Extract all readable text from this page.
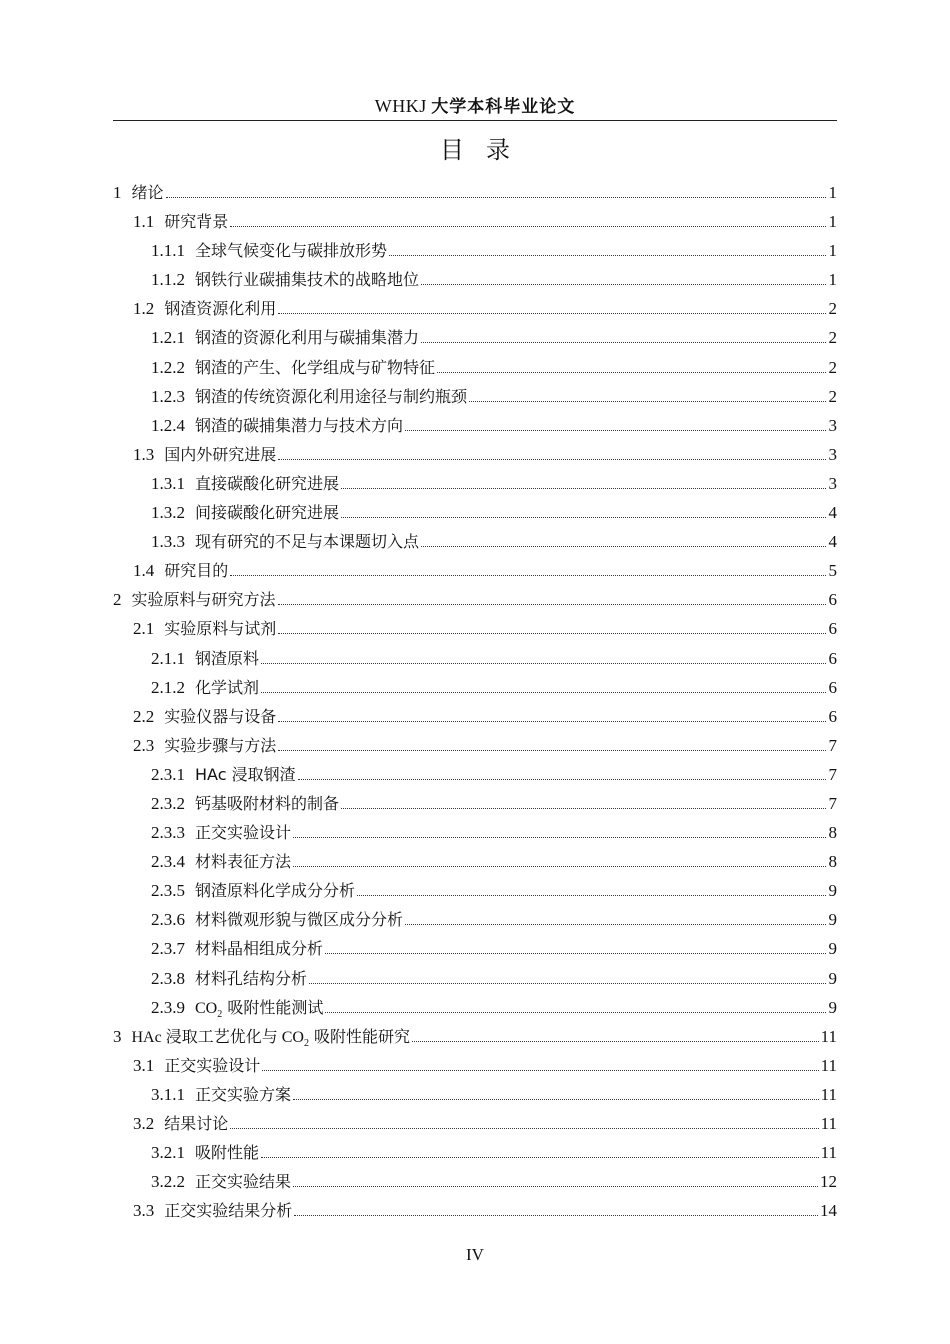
WHKJ 大学本科毕业论文
目录
1 绪论	1
1.1 研究背景	1
1.1.1 全球气候变化与碳排放形势	1
1.1.2 钢铁行业碳捕集技术的战略地位	1
1.2 钢渣资源化利用	2
1.2.1 钢渣的资源化利用与碳捕集潜力	2
1.2.2 钢渣的产生、化学组成与矿物特征	2
1.2.3 钢渣的传统资源化利用途径与制约瓶颈	2
1.2.4 钢渣的碳捕集潜力与技术方向	3
1.3 国内外研究进展	3
1.3.1 直接碳酸化研究进展	3
1.3.2 间接碳酸化研究进展	4
1.3.3 现有研究的不足与本课题切入点	4
1.4 研究目的	5
2 实验原料与研究方法	6
2.1 实验原料与试剂	6
2.1.1 钢渣原料	6
2.1.2 化学试剂	6
2.2 实验仪器与设备	6
2.3 实验步骤与方法	7
2.3.1 HAc 浸取钢渣	7
2.3.2 钙基吸附材料的制备	7
2.3.3 正交实验设计	8
2.3.4 材料表征方法	8
2.3.5 钢渣原料化学成分分析	9
2.3.6 材料微观形貌与微区成分分析	9
2.3.7 材料晶相组成分析	9
2.3.8 材料孔结构分析	9
2.3.9 $CO_2$ 吸附性能测试	9
3 HAc 浸取工艺优化与 $CO_2$ 吸附性能研究	11
3.1 正交实验设计	11
3.1.1 正交实验方案	11
3.2 结果讨论	11
3.2.1 吸附性能	11
3.2.2 正交实验结果	12
3.3 正交实验结果分析	14
IV
